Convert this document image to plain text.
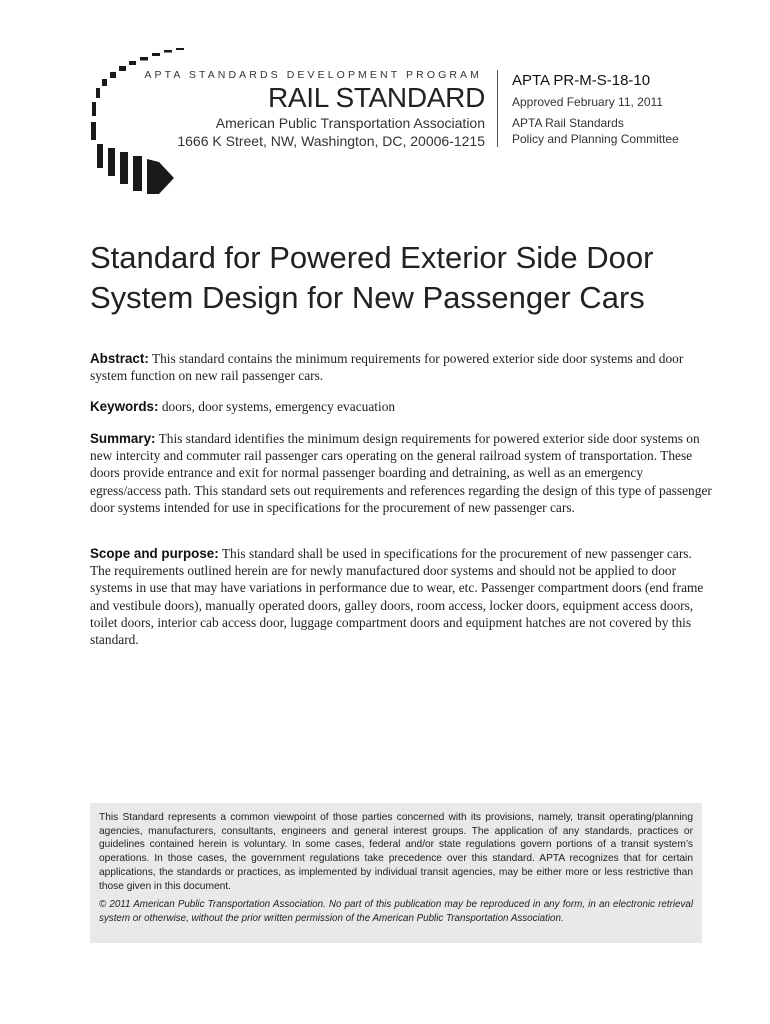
APTA STANDARDS DEVELOPMENT PROGRAM
RAIL STANDARD
American Public Transportation Association
1666 K Street, NW, Washington, DC, 20006-1215
APTA PR-M-S-18-10
Approved February 11, 2011
APTA Rail Standards
Policy and Planning Committee
Standard for Powered Exterior Side Door System Design for New Passenger Cars

Abstract: This standard contains the minimum requirements for powered exterior side door systems and door system function on new rail passenger cars.

Keywords: doors, door systems, emergency evacuation

Summary: This standard identifies the minimum design requirements for powered exterior side door systems on new intercity and commuter rail passenger cars operating on the general railroad system of transportation. These doors provide entrance and exit for normal passenger boarding and detraining, as well as an emergency egress/access path. This standard sets out requirements and references regarding the design of this type of passenger door systems intended for use in specifications for the procurement of new passenger cars.

Scope and purpose: This standard shall be used in specifications for the procurement of new passenger cars. The requirements outlined herein are for newly manufactured door systems and should not be applied to door systems in use that may have variations in performance due to wear, etc. Passenger compartment doors (end frame and vestibule doors), manually operated doors, galley doors, room access, locker doors, equipment access doors, toilet doors, interior cab access door, luggage compartment doors and equipment hatches are not covered by this standard.

This Standard represents a common viewpoint of those parties concerned with its provisions, namely, transit operating/planning agencies, manufacturers, consultants, engineers and general interest groups. The application of any standards, practices or guidelines contained herein is voluntary. In some cases, federal and/or state regulations govern portions of a transit system’s operations. In those cases, the government regulations take precedence over this standard. APTA recognizes that for certain applications, the standards or practices, as implemented by individual transit agencies, may be either more or less restrictive than those given in this document.

© 2011 American Public Transportation Association. No part of this publication may be reproduced in any form, in an electronic retrieval system or otherwise, without the prior written permission of the American Public Transportation Association.
